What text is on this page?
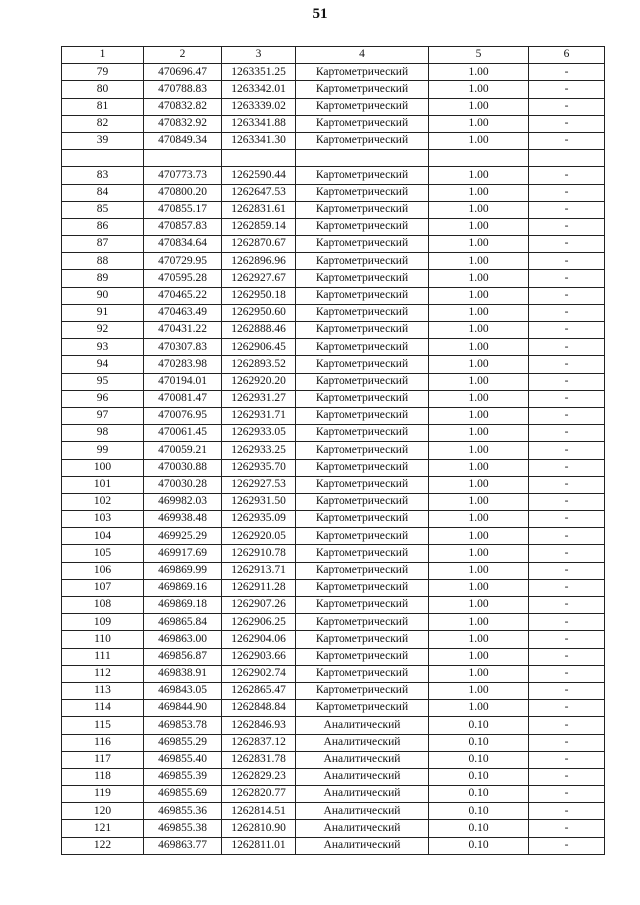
51
1	2	3	4	5	6
79	470696.47	1263351.25	Картометрический	1.00	-
80	470788.83	1263342.01	Картометрический	1.00	-
81	470832.82	1263339.02	Картометрический	1.00	-
82	470832.92	1263341.88	Картометрический	1.00	-
39	470849.34	1263341.30	Картометрический	1.00	-

83	470773.73	1262590.44	Картометрический	1.00	-
84	470800.20	1262647.53	Картометрический	1.00	-
85	470855.17	1262831.61	Картометрический	1.00	-
86	470857.83	1262859.14	Картометрический	1.00	-
87	470834.64	1262870.67	Картометрический	1.00	-
88	470729.95	1262896.96	Картометрический	1.00	-
89	470595.28	1262927.67	Картометрический	1.00	-
90	470465.22	1262950.18	Картометрический	1.00	-
91	470463.49	1262950.60	Картометрический	1.00	-
92	470431.22	1262888.46	Картометрический	1.00	-
93	470307.83	1262906.45	Картометрический	1.00	-
94	470283.98	1262893.52	Картометрический	1.00	-
95	470194.01	1262920.20	Картометрический	1.00	-
96	470081.47	1262931.27	Картометрический	1.00	-
97	470076.95	1262931.71	Картометрический	1.00	-
98	470061.45	1262933.05	Картометрический	1.00	-
99	470059.21	1262933.25	Картометрический	1.00	-
100	470030.88	1262935.70	Картометрический	1.00	-
101	470030.28	1262927.53	Картометрический	1.00	-
102	469982.03	1262931.50	Картометрический	1.00	-
103	469938.48	1262935.09	Картометрический	1.00	-
104	469925.29	1262920.05	Картометрический	1.00	-
105	469917.69	1262910.78	Картометрический	1.00	-
106	469869.99	1262913.71	Картометрический	1.00	-
107	469869.16	1262911.28	Картометрический	1.00	-
108	469869.18	1262907.26	Картометрический	1.00	-
109	469865.84	1262906.25	Картометрический	1.00	-
110	469863.00	1262904.06	Картометрический	1.00	-
111	469856.87	1262903.66	Картометрический	1.00	-
112	469838.91	1262902.74	Картометрический	1.00	-
113	469843.05	1262865.47	Картометрический	1.00	-
114	469844.90	1262848.84	Картометрический	1.00	-
115	469853.78	1262846.93	Аналитический	0.10	-
116	469855.29	1262837.12	Аналитический	0.10	-
117	469855.40	1262831.78	Аналитический	0.10	-
118	469855.39	1262829.23	Аналитический	0.10	-
119	469855.69	1262820.77	Аналитический	0.10	-
120	469855.36	1262814.51	Аналитический	0.10	-
121	469855.38	1262810.90	Аналитический	0.10	-
122	469863.77	1262811.01	Аналитический	0.10	-
